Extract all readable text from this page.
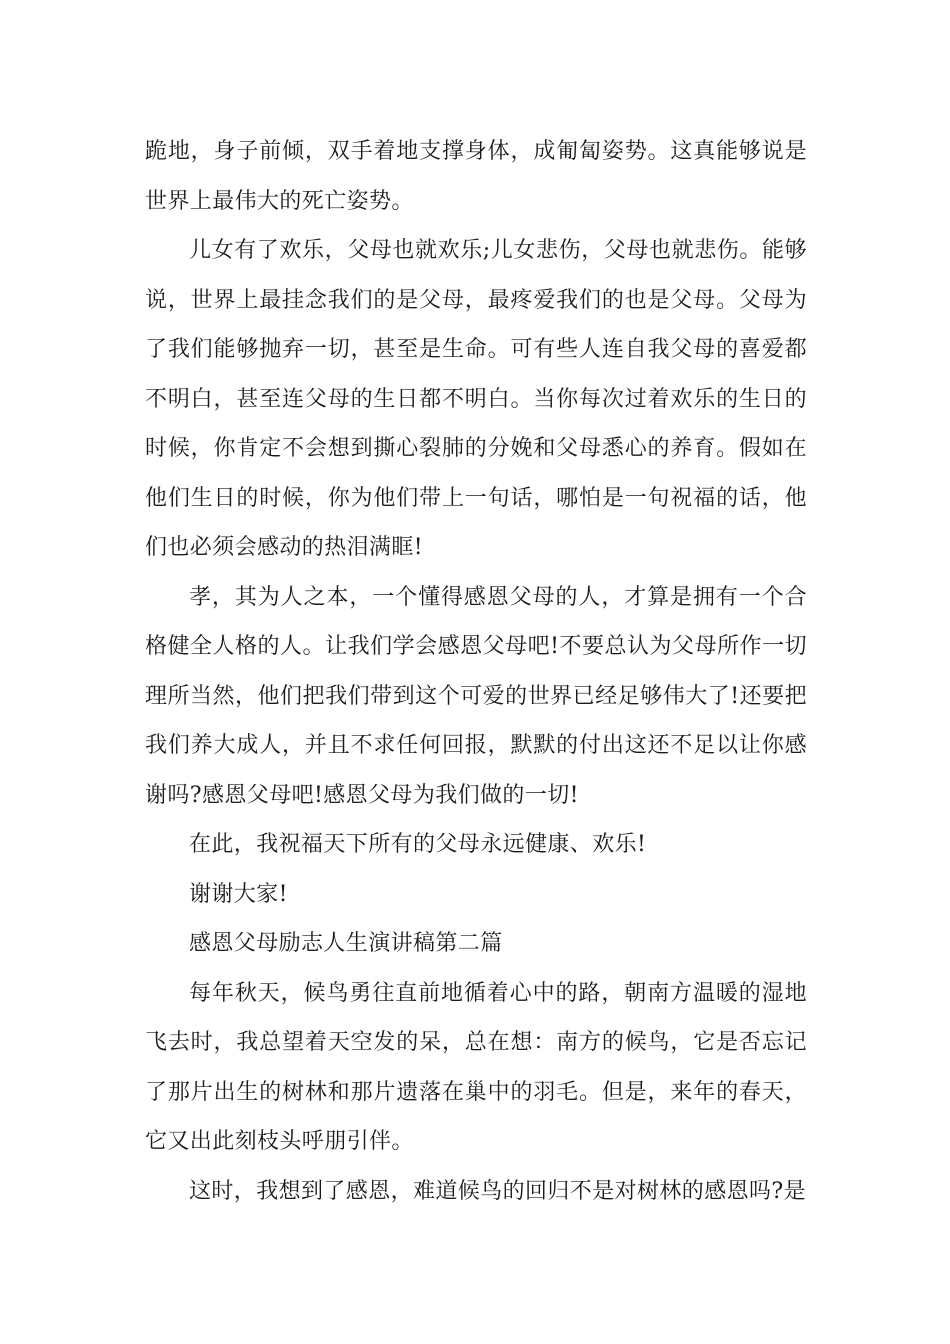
跪地，身子前倾，双手着地支撑身体，成匍匐姿势。这真能够说是世界上最伟大的死亡姿势。

儿女有了欢乐，父母也就欢乐;儿女悲伤，父母也就悲伤。能够说，世界上最挂念我们的是父母，最疼爱我们的也是父母。父母为了我们能够抛弃一切，甚至是生命。可有些人连自我父母的喜爱都不明白，甚至连父母的生日都不明白。当你每次过着欢乐的生日的时候，你肯定不会想到撕心裂肺的分娩和父母悉心的养育。假如在他们生日的时候，你为他们带上一句话，哪怕是一句祝福的话，他们也必须会感动的热泪满眶!

孝，其为人之本，一个懂得感恩父母的人，才算是拥有一个合格健全人格的人。让我们学会感恩父母吧!不要总认为父母所作一切理所当然，他们把我们带到这个可爱的世界已经足够伟大了!还要把我们养大成人，并且不求任何回报，默默的付出这还不足以让你感谢吗?感恩父母吧!感恩父母为我们做的一切!

在此，我祝福天下所有的父母永远健康、欢乐!

谢谢大家!

感恩父母励志人生演讲稿第二篇

每年秋天，候鸟勇往直前地循着心中的路，朝南方温暖的湿地飞去时，我总望着天空发的呆，总在想：南方的候鸟，它是否忘记了那片出生的树林和那片遗落在巢中的羽毛。但是，来年的春天，它又出此刻枝头呼朋引伴。

这时，我想到了感恩，难道候鸟的回归不是对树林的感恩吗?是
